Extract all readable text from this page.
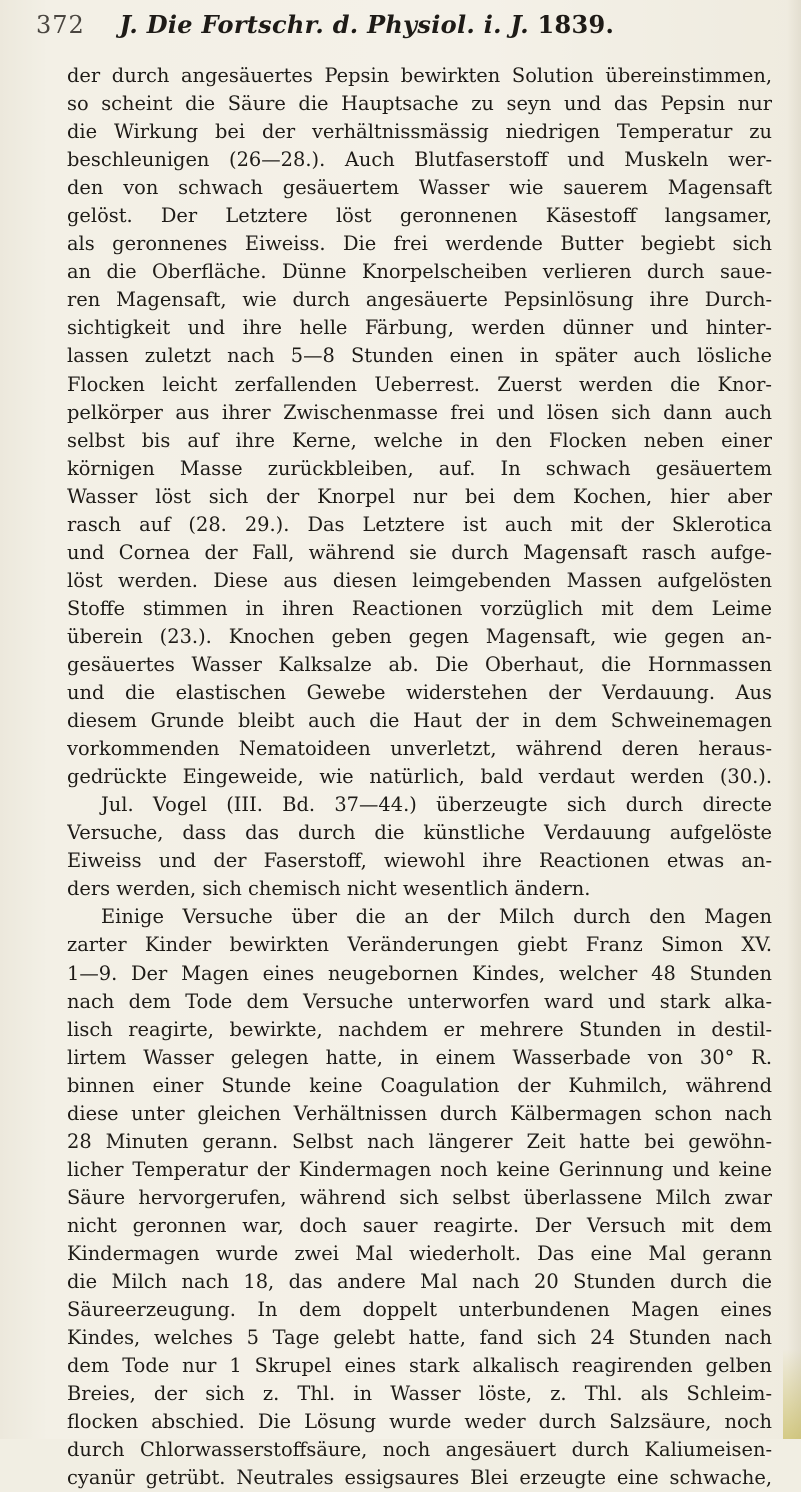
372 J. Die Fortschr. d. Physiol. i. J. 1839.
der durch angesäuertes Pepsin bewirkten Solution übereinstimmen,
so scheint die Säure die Hauptsache zu seyn und das Pepsin nur
die Wirkung bei der verhältnissmässig niedrigen Temperatur zu
beschleunigen (26—28.). Auch Blutfaserstoff und Muskeln wer-
den von schwach gesäuertem Wasser wie sauerem Magensaft
gelöst. Der Letztere löst geronnenen Käsestoff langsamer,
als geronnenes Eiweiss. Die frei werdende Butter begiebt sich
an die Oberfläche. Dünne Knorpelscheiben verlieren durch saue-
ren Magensaft, wie durch angesäuerte Pepsinlösung ihre Durch-
sichtigkeit und ihre helle Färbung, werden dünner und hinter-
lassen zuletzt nach 5—8 Stunden einen in später auch lösliche
Flocken leicht zerfallenden Ueberrest. Zuerst werden die Knor-
pelkörper aus ihrer Zwischenmasse frei und lösen sich dann auch
selbst bis auf ihre Kerne, welche in den Flocken neben einer
körnigen Masse zurückbleiben, auf. In schwach gesäuertem
Wasser löst sich der Knorpel nur bei dem Kochen, hier aber
rasch auf (28. 29.). Das Letztere ist auch mit der Sklerotica
und Cornea der Fall, während sie durch Magensaft rasch aufge-
löst werden. Diese aus diesen leimgebenden Massen aufgelösten
Stoffe stimmen in ihren Reactionen vorzüglich mit dem Leime
überein (23.). Knochen geben gegen Magensaft, wie gegen an-
gesäuertes Wasser Kalksalze ab. Die Oberhaut, die Hornmassen
und die elastischen Gewebe widerstehen der Verdauung. Aus
diesem Grunde bleibt auch die Haut der in dem Schweinemagen
vorkommenden Nematoideen unverletzt, während deren heraus-
gedrückte Eingeweide, wie natürlich, bald verdaut werden (30.).
Jul. Vogel (III. Bd. 37—44.) überzeugte sich durch directe
Versuche, dass das durch die künstliche Verdauung aufgelöste
Eiweiss und der Faserstoff, wiewohl ihre Reactionen etwas an-
ders werden, sich chemisch nicht wesentlich ändern.
Einige Versuche über die an der Milch durch den Magen
zarter Kinder bewirkten Veränderungen giebt Franz Simon XV.
1—9. Der Magen eines neugebornen Kindes, welcher 48 Stunden
nach dem Tode dem Versuche unterworfen ward und stark alka-
lisch reagirte, bewirkte, nachdem er mehrere Stunden in destil-
lirtem Wasser gelegen hatte, in einem Wasserbade von 30° R.
binnen einer Stunde keine Coagulation der Kuhmilch, während
diese unter gleichen Verhältnissen durch Kälbermagen schon nach
28 Minuten gerann. Selbst nach längerer Zeit hatte bei gewöhn-
licher Temperatur der Kindermagen noch keine Gerinnung und keine
Säure hervorgerufen, während sich selbst überlassene Milch zwar
nicht geronnen war, doch sauer reagirte. Der Versuch mit dem
Kindermagen wurde zwei Mal wiederholt. Das eine Mal gerann
die Milch nach 18, das andere Mal nach 20 Stunden durch die
Säureerzeugung. In dem doppelt unterbundenen Magen eines
Kindes, welches 5 Tage gelebt hatte, fand sich 24 Stunden nach
dem Tode nur 1 Skrupel eines stark alkalisch reagirenden gelben
Breies, der sich z. Thl. in Wasser löste, z. Thl. als Schleim-
flocken abschied. Die Lösung wurde weder durch Salzsäure, noch
durch Chlorwasserstoffsäure, noch angesäuert durch Kaliumeisen-
cyanür getrübt. Neutrales essigsaures Blei erzeugte eine schwache,
